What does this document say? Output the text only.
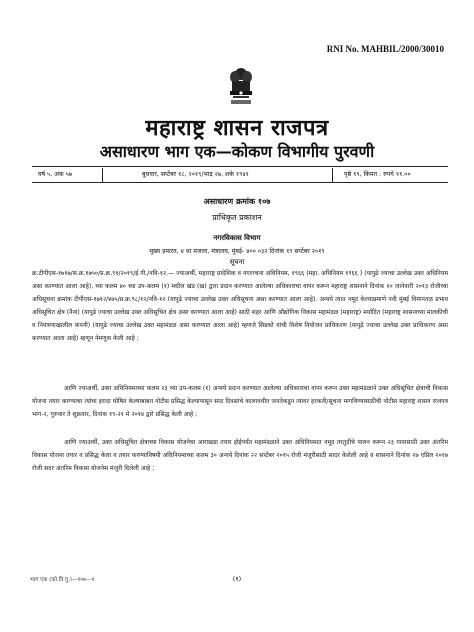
RNI No. MAHBIL/2000/30010
महाराष्ट्र शासन राजपत्र
असाधारण भाग एक—कोकण विभागीय पुरवणी
वर्ष ५, अंक ५७	बुधवार, सप्टेंबर १८, २०१९/भाद्र २७, शके १९४१	पृष्ठे १९, किंमत : रुपये ११.००
असाधारण क्रमांक १०७
प्राधिकृत प्रकाशन
नगरविकास विभाग
मुख्य इमारत, ४ था मजला, मंत्रालय, मुंबई- ४०० ०३२ दिनांक १९ सप्टेंबर २०१९
सूचना

क्र.टीपीएस-१७१७/स.क्र.१७५०/प्र.क्र.९१/२०१९/ई.पी./नवि-१२.— ज्याअर्थी, महाराष्ट्र प्रादेशिक व नगररचना अधिनियम, १९६६ (महा. अधिनियम १९६६ ) (यापुढे ज्याचा उल्लेख उक्त अधिनियम असा करण्यात आला आहे), च्या कलम ४० च्या उप-कलम (१) मधील खंड (ख) द्वारा प्रदान करण्यात आलेल्या अधिकाराचा वापर करून महाराष्ट्र शासनाने दिनांक १० जानेवारी २०१३ रोजीच्या अधिसूचना क्रमांक टीपीएस-१७१२/४७५/प्र.क्र.९८/१२/नवि-१२ (यापुढे ज्याचा उल्लेख उक्त अधिसूचना असा करण्यात आला आहे). अन्वये त्यात नमूद केल्याप्रमाणे नवी मुंबई विमानतळ प्रभाव अधिसूचित क्षेत्र (नैना) (यापुढे ज्याचा उल्लेख उक्त अधिसूचित क्षेत्र असा करण्यात आला आहे) साठी शहर आणि औद्योगिक विकास महामंडळ (महाराष्ट्र) मर्यादित (महाराष्ट्र शासनाच्या मालकीची व नियंत्रणाखालील कंपनी) (यापुढे ज्याचा उल्लेख उक्त महामंडळ असा करण्यात आला आहे) म्हणजे सिडको यांची विशेष नियोजन प्राधिकरण (यापुढे ज्याचा उल्लेख उक्त प्राधिकरण असा करण्यात आला आहे) म्हणून नेमणूक केली आहे ;

आणि ज्याअर्थी, उक्त अधिनियमाच्या कलम २३ च्या उप-कलम (१) अन्वये प्रदान करण्यात आलेल्या अधिकाराचा वापर करून उक्त महामंडळाने उक्त अधिसूचित क्षेत्राची विकास योजना तयार करण्याचा त्यांचा इरादा घोषित केल्याबाबत नोटीस प्रसिद्ध केल्यापासून साठ दिवसांचे कालावधीत जनतेकडून त्यावर हरकती/सूचना मागविण्यासाठीची नोटीस महाराष्ट्र शासन राजपत्र भाग-२, गुरुवार ते शुक्रवार, दिनांक १९-२१ मे २०१४ द्वारे प्रसिद्ध केली आहे ;

आणि ज्याअर्थी, उक्त अधिसूचित क्षेत्राच्या विकास योजनेचा आराखडा तयार होईपर्यंत महामंडळाने उक्त अधिनियमात नमूद तरतुदींचे पालन करून २३ गावासाठी उक्त अंतरिम विकास योजना तयार व प्रसिद्ध केला व तयार करण्याविषयी अधिनियमाच्या कलम ३० अन्वये दिनांक २२ सप्टेंबर २०१५ रोजी मंजुरीसाठी सादर केलेली आहे व शासनाने दिनांक २७ एप्रिल २०१७ रोजी सदर अंतरिम विकास योजनेस मंजुरी दिलेली आहे ;

भाग एक (को.वि.पु.)—१०७—१	(१)
